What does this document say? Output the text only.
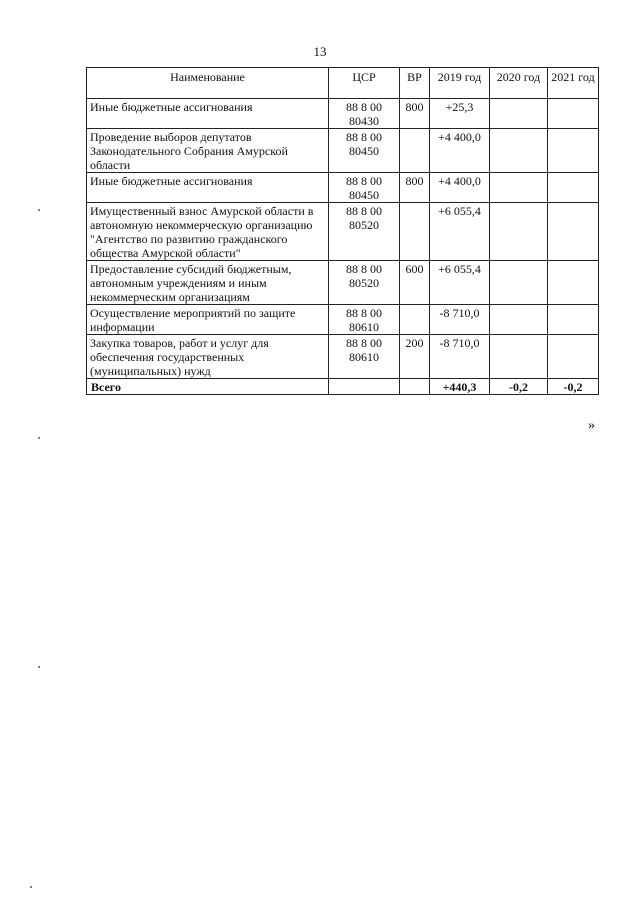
13
Наименование	ЦСР	ВР	2019 год	2020 год	2021 год
Иные бюджетные ассигнования	88 8 00 80430	800	+25,3		
Проведение выборов депутатов Законодательного Собрания Амурской области	88 8 00 80450		+4 400,0		
Иные бюджетные ассигнования	88 8 00 80450	800	+4 400,0		
Имущественный взнос Амурской области в автономную некоммерческую организацию "Агентство по развитию гражданского общества Амурской области"	88 8 00 80520		+6 055,4		
Предоставление субсидий бюджетным, автономным учреждениям и иным некоммерческим организациям	88 8 00 80520	600	+6 055,4		
Осуществление мероприятий по защите информации	88 8 00 80610		-8 710,0		
Закупка товаров, работ и услуг для обеспечения государственных (муниципальных) нужд	88 8 00 80610	200	-8 710,0		
Всего			+440,3	-0,2	-0,2
»
